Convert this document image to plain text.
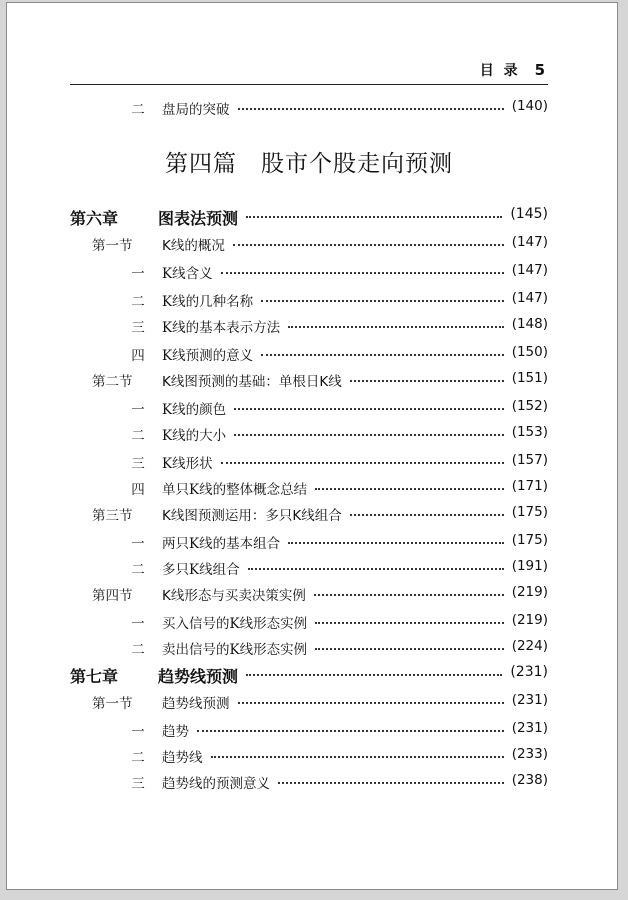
目录 5
第四篇　股市个股走向预测
二 盘局的突破	(140)
第六章	图表法预测	(145)
第一节	K线的概况	(147)
一 K线含义	(147)
二 K线的几种名称	(147)
三 K线的基本表示方法	(148)
四 K线预测的意义	(150)
第二节	K线图预测的基础：单根日K线	(151)
一 K线的颜色	(152)
二 K线的大小	(153)
三 K线形状	(157)
四 单只K线的整体概念总结	(171)
第三节	K线图预测运用：多只K线组合	(175)
一 两只K线的基本组合	(175)
二 多只K线组合	(191)
第四节	K线形态与买卖决策实例	(219)
一 买入信号的K线形态实例	(219)
二 卖出信号的K线形态实例	(224)
第七章	趋势线预测	(231)
第一节	趋势线预测	(231)
一 趋势	(231)
二 趋势线	(233)
三 趋势线的预测意义	(238)
